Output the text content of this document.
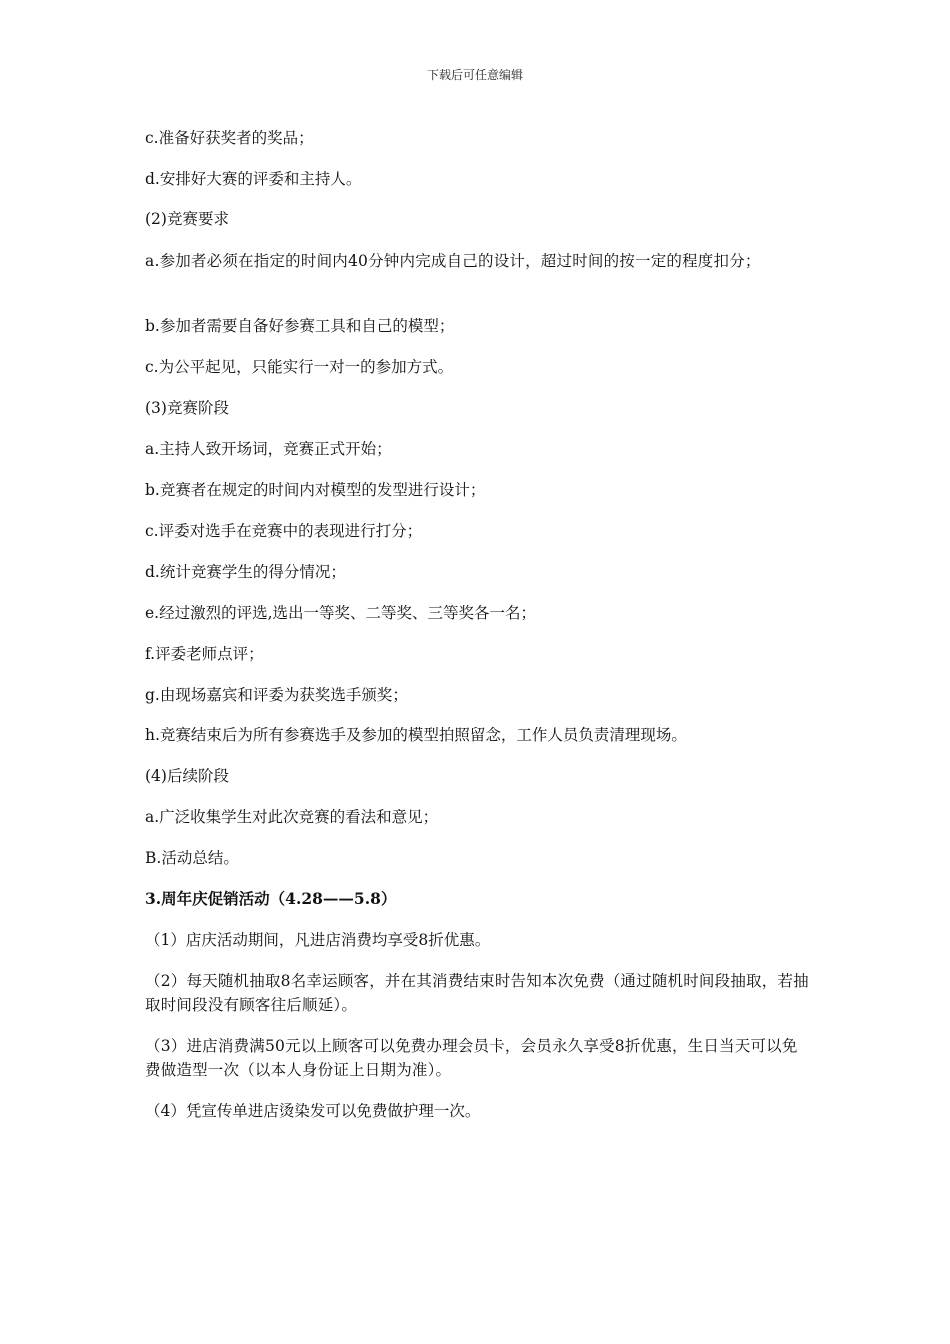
下载后可任意编辑
c.准备好获奖者的奖品；
d.安排好大赛的评委和主持人。
(2)竞赛要求
a.参加者必须在指定的时间内40分钟内完成自己的设计，超过时间的按一定的程度扣分；
b.参加者需要自备好参赛工具和自己的模型；
c.为公平起见，只能实行一对一的参加方式。
(3)竞赛阶段
a.主持人致开场词，竞赛正式开始；
b.竞赛者在规定的时间内对模型的发型进行设计；
c.评委对选手在竞赛中的表现进行打分；
d.统计竞赛学生的得分情况；
e.经过激烈的评选,选出一等奖、二等奖、三等奖各一名；
f.评委老师点评；
g.由现场嘉宾和评委为获奖选手颁奖；
h.竞赛结束后为所有参赛选手及参加的模型拍照留念，工作人员负责清理现场。
(4)后续阶段
a.广泛收集学生对此次竞赛的看法和意见；
B.活动总结。
3.周年庆促销活动（4.28——5.8）
（1）店庆活动期间，凡进店消费均享受8折优惠。
（2）每天随机抽取8名幸运顾客，并在其消费结束时告知本次免费（通过随机时间段抽取，若抽取时间段没有顾客往后顺延）。
（3）进店消费满50元以上顾客可以免费办理会员卡，会员永久享受8折优惠，生日当天可以免费做造型一次（以本人身份证上日期为准）。
（4）凭宣传单进店烫染发可以免费做护理一次。
